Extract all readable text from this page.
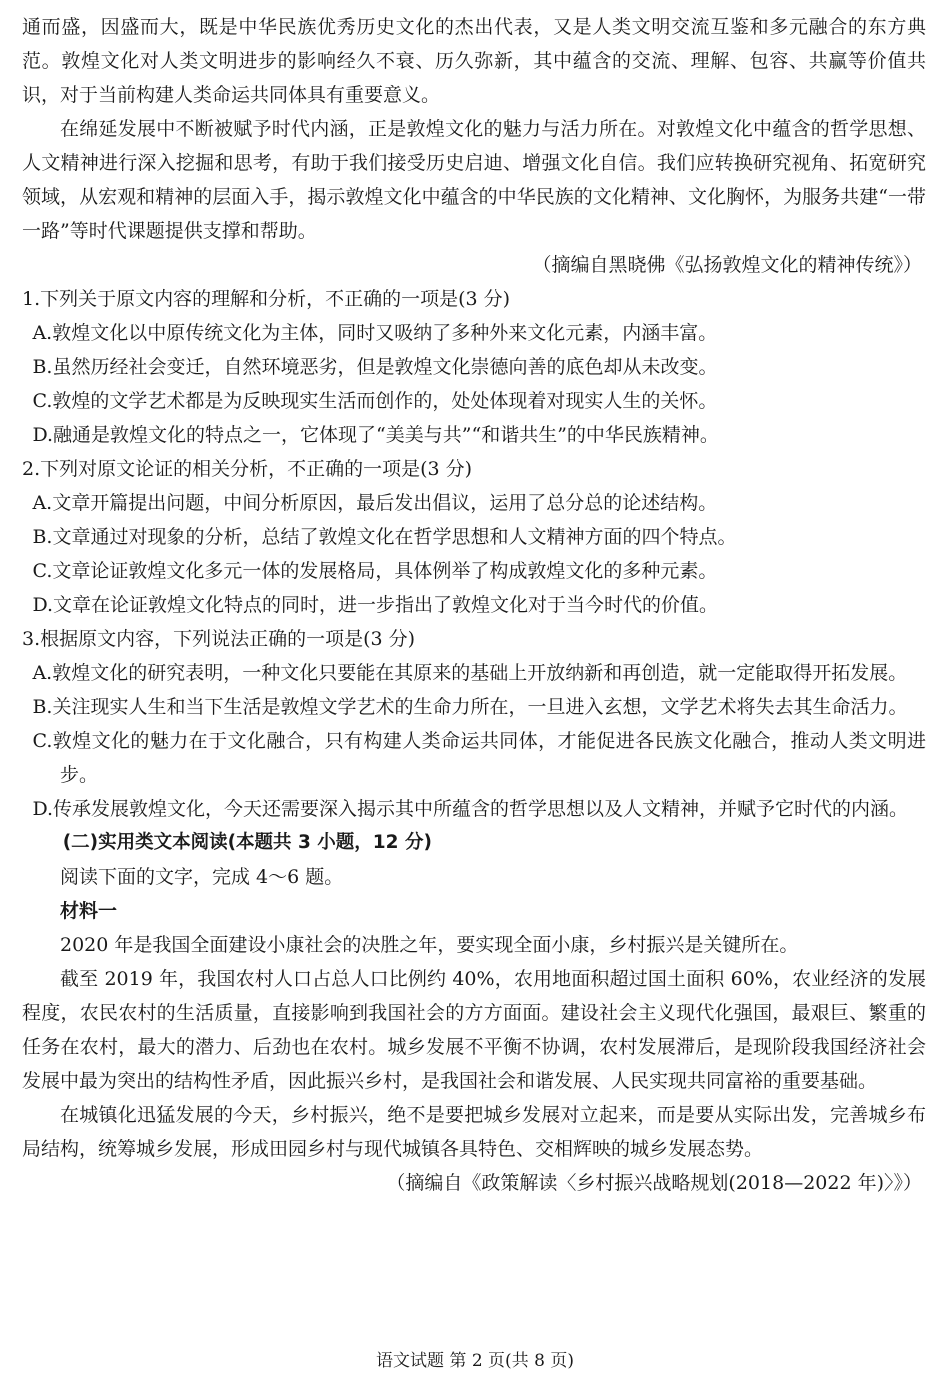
通而盛，因盛而大，既是中华民族优秀历史文化的杰出代表，又是人类文明交流互鉴和多元融合的东方典范。敦煌文化对人类文明进步的影响经久不衰、历久弥新，其中蕴含的交流、理解、包容、共赢等价值共识，对于当前构建人类命运共同体具有重要意义。

在绵延发展中不断被赋予时代内涵，正是敦煌文化的魅力与活力所在。对敦煌文化中蕴含的哲学思想、人文精神进行深入挖掘和思考，有助于我们接受历史启迪、增强文化自信。我们应转换研究视角、拓宽研究领域，从宏观和精神的层面入手，揭示敦煌文化中蕴含的中华民族的文化精神、文化胸怀，为服务共建“一带一路”等时代课题提供支撑和帮助。

（摘编自黑晓佛《弘扬敦煌文化的精神传统》）

1.下列关于原文内容的理解和分析，不正确的一项是(3 分)

A.敦煌文化以中原传统文化为主体，同时又吸纳了多种外来文化元素，内涵丰富。

B.虽然历经社会变迁，自然环境恶劣，但是敦煌文化崇德向善的底色却从未改变。

C.敦煌的文学艺术都是为反映现实生活而创作的，处处体现着对现实人生的关怀。

D.融通是敦煌文化的特点之一，它体现了“美美与共”“和谐共生”的中华民族精神。

2.下列对原文论证的相关分析，不正确的一项是(3 分)

A.文章开篇提出问题，中间分析原因，最后发出倡议，运用了总分总的论述结构。

B.文章通过对现象的分析，总结了敦煌文化在哲学思想和人文精神方面的四个特点。

C.文章论证敦煌文化多元一体的发展格局，具体例举了构成敦煌文化的多种元素。

D.文章在论证敦煌文化特点的同时，进一步指出了敦煌文化对于当今时代的价值。

3.根据原文内容，下列说法正确的一项是(3 分)

A.敦煌文化的研究表明，一种文化只要能在其原来的基础上开放纳新和再创造，就一定能取得开拓发展。

B.关注现实人生和当下生活是敦煌文学艺术的生命力所在，一旦进入玄想，文学艺术将失去其生命活力。

C.敦煌文化的魅力在于文化融合，只有构建人类命运共同体，才能促进各民族文化融合，推动人类文明进步。

D.传承发展敦煌文化，今天还需要深入揭示其中所蕴含的哲学思想以及人文精神，并赋予它时代的内涵。

(二)实用类文本阅读(本题共 3 小题，12 分)

阅读下面的文字，完成 4～6 题。

材料一

2020 年是我国全面建设小康社会的决胜之年，要实现全面小康，乡村振兴是关键所在。

截至 2019 年，我国农村人口占总人口比例约 40%，农用地面积超过国土面积 60%，农业经济的发展程度，农民农村的生活质量，直接影响到我国社会的方方面面。建设社会主义现代化强国，最艰巨、繁重的任务在农村，最大的潜力、后劲也在农村。城乡发展不平衡不协调，农村发展滞后，是现阶段我国经济社会发展中最为突出的结构性矛盾，因此振兴乡村，是我国社会和谐发展、人民实现共同富裕的重要基础。

在城镇化迅猛发展的今天，乡村振兴，绝不是要把城乡发展对立起来，而是要从实际出发，完善城乡布局结构，统筹城乡发展，形成田园乡村与现代城镇各具特色、交相辉映的城乡发展态势。

（摘编自《政策解读〈乡村振兴战略规划(2018—2022 年)〉》）

语文试题 第 2 页(共 8 页)
